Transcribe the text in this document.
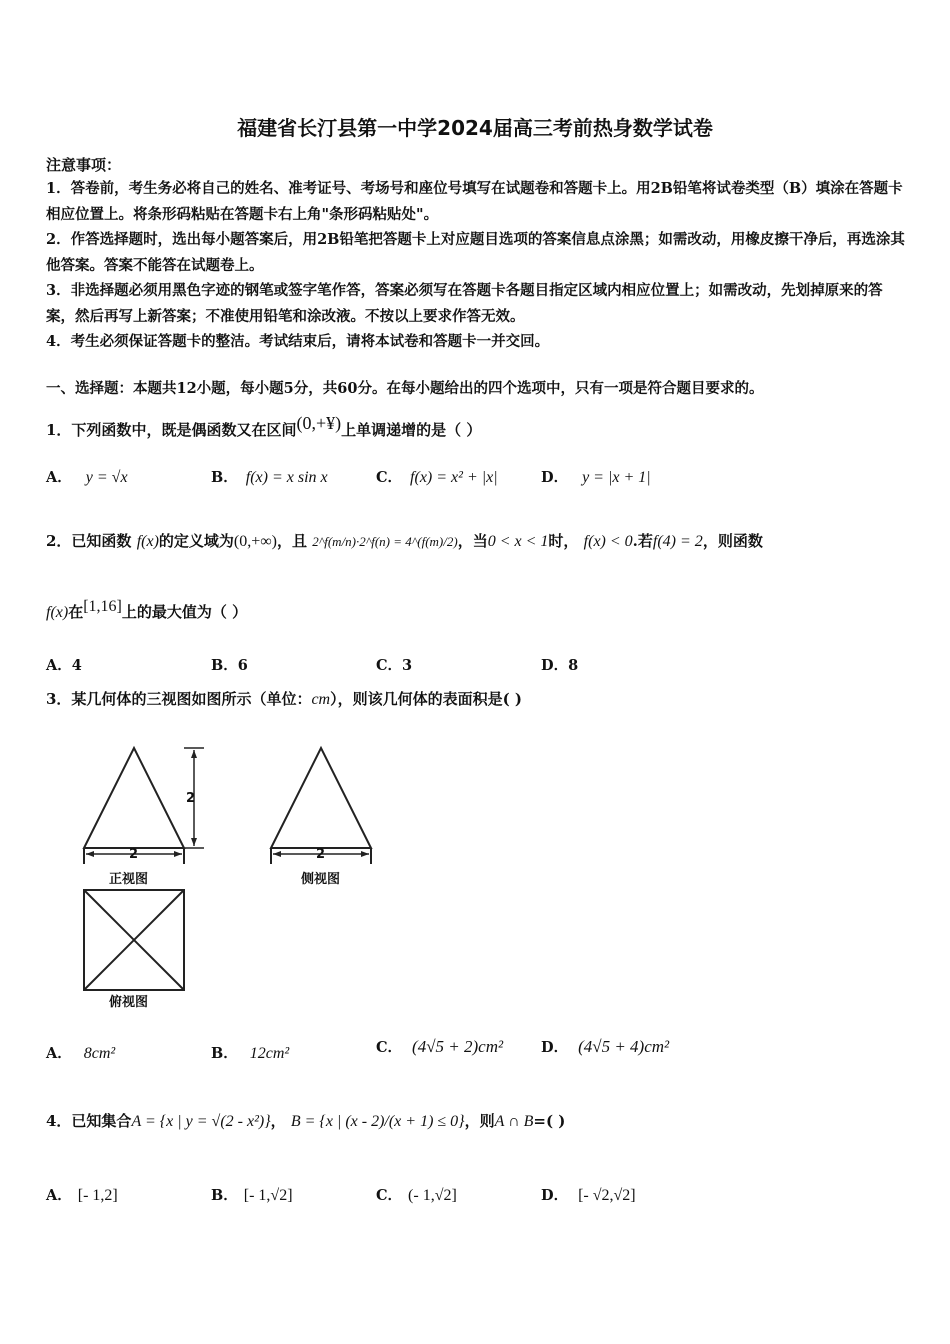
福建省长汀县第一中学2024届高三考前热身数学试卷
注意事项：

1．答卷前，考生务必将自己的姓名、准考证号、考场号和座位号填写在试题卷和答题卡上。用2B铅笔将试卷类型（B）填涂在答题卡相应位置上。将条形码粘贴在答题卡右上角"条形码粘贴处"。

2．作答选择题时，选出每小题答案后，用2B铅笔把答题卡上对应题目选项的答案信息点涂黑；如需改动，用橡皮擦干净后，再选涂其他答案。答案不能答在试题卷上。

3．非选择题必须用黑色字迹的钢笔或签字笔作答，答案必须写在答题卡各题目指定区域内相应位置上；如需改动，先划掉原来的答案，然后再写上新答案；不准使用铅笔和涂改液。不按以上要求作答无效。

4．考生必须保证答题卡的整洁。考试结束后，请将本试卷和答题卡一并交回。

一、选择题：本题共12小题，每小题5分，共60分。在每小题给出的四个选项中，只有一项是符合题目要求的。
1．下列函数中，既是偶函数又在区间(0,+¥)上单调递增的是（ ）
A． y = √x	B． f(x) = x sin x	C． f(x) = x² + |x|	D． y = |x + 1|
2．已知函数 f(x)的定义域为(0,+∞)，且 2^f(m/n)·2^f(n) = 4^(f(m)/2)，当0 < x < 1时， f(x) < 0.若f(4) = 2，则函数
f(x)在[1,16]上的最大值为（ ）
A．4	B．6	C．3	D．8
3．某几何体的三视图如图所示（单位：cm），则该几何体的表面积是( )
2
2
正视图
2
侧视图
俯视图
A． 8cm²	B． 12cm²	C． (4√5 + 2)cm²	D． (4√5 + 4)cm²
4．已知集合A = {x | y = √(2 - x²)}， B = {x | (x - 2)/(x + 1) ≤ 0}，则A ∩ B=( )
A． [- 1,2]	B． [- 1,√2]	C． (- 1,√2]	D． [- √2,√2]
